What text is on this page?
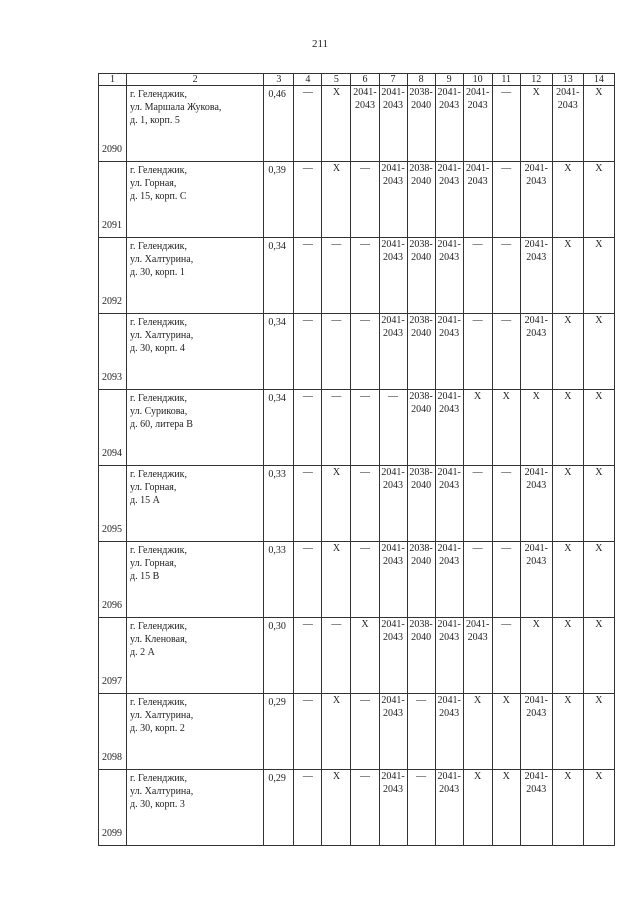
211
1	2	3	4	5	6	7	8	9	10	11	12	13	14
2090	г. Геленджик,
ул. Маршала Жукова,
д. 1, корп. 5	0,46	—	Х	2041-
2043	2041-
2043	2038-
2040	2041-
2043	2041-
2043	—	Х	2041-
2043	Х

2091	г. Геленджик,
ул. Горная,
д. 15, корп. С	0,39	—	Х	—	2041-
2043	2038-
2040	2041-
2043	2041-
2043	—	2041-
2043	Х	Х

2092	г. Геленджик,
ул. Халтурина,
д. 30, корп. 1	0,34	—	—	—	2041-
2043	2038-
2040	2041-
2043	—	—	2041-
2043	Х	Х

2093	г. Геленджик,
ул. Халтурина,
д. 30, корп. 4	0,34	—	—	—	2041-
2043	2038-
2040	2041-
2043	—	—	2041-
2043	Х	Х

2094	г. Геленджик,
ул. Сурикова,
д. 60, литера В	0,34	—	—	—	—	2038-
2040	2041-
2043	Х	Х	Х	Х	Х

2095	г. Геленджик,
ул. Горная,
д. 15 А	0,33	—	Х	—	2041-
2043	2038-
2040	2041-
2043	—	—	2041-
2043	Х	Х

2096	г. Геленджик,
ул. Горная,
д. 15 В	0,33	—	Х	—	2041-
2043	2038-
2040	2041-
2043	—	—	2041-
2043	Х	Х

2097	г. Геленджик,
ул. Кленовая,
д. 2 А	0,30	—	—	Х	2041-
2043	2038-
2040	2041-
2043	2041-
2043	—	Х	Х	Х

2098	г. Геленджик,
ул. Халтурина,
д. 30, корп. 2	0,29	—	Х	—	2041-
2043	—	2041-
2043	Х	Х	2041-
2043	Х	Х

2099	г. Геленджик,
ул. Халтурина,
д. 30, корп. 3	0,29	—	Х	—	2041-
2043	—	2041-
2043	Х	Х	2041-
2043	Х	Х
